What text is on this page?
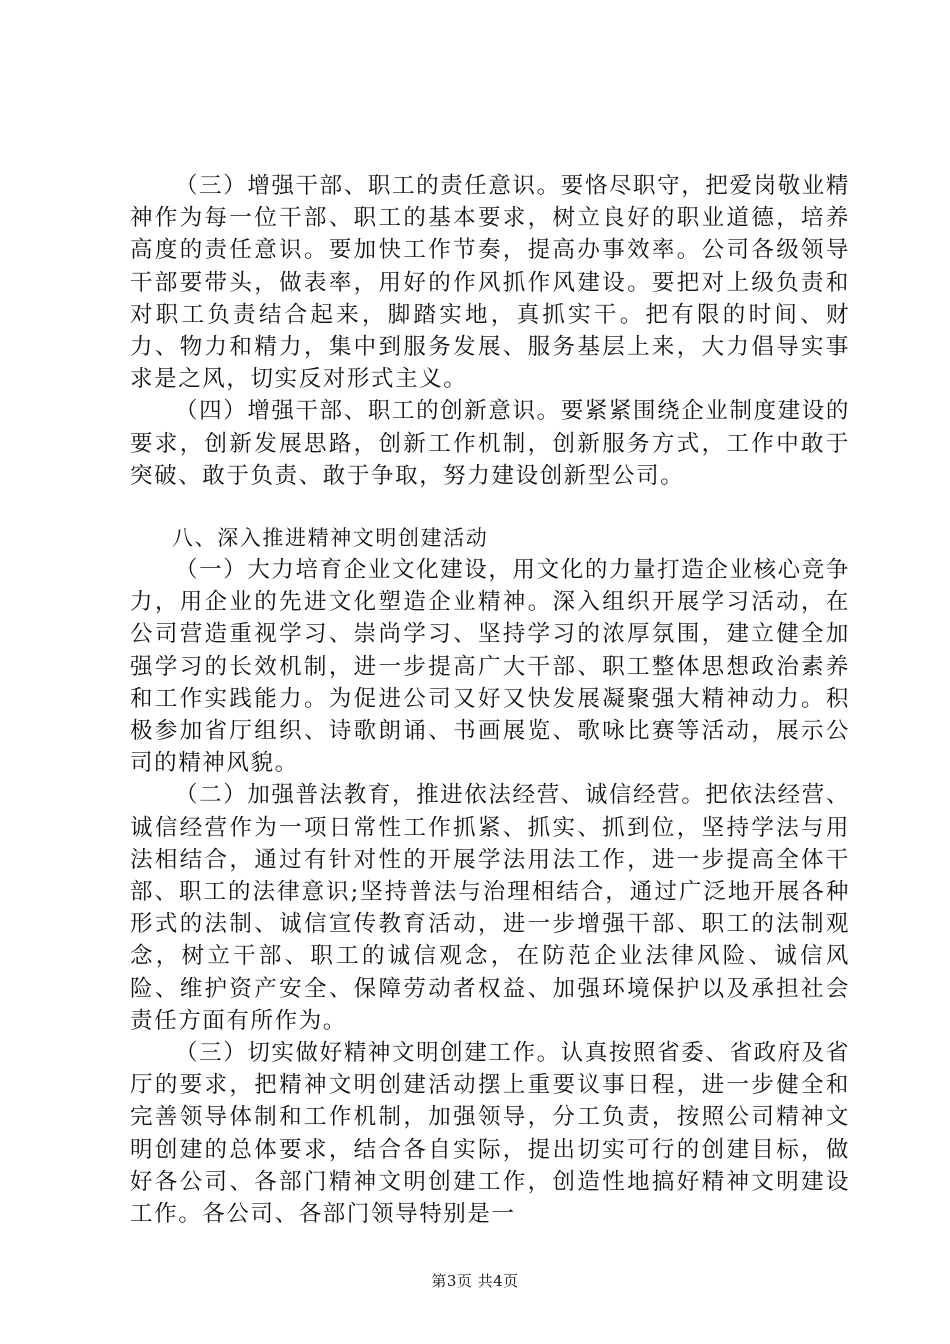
（三）增强干部、职工的责任意识。要恪尽职守，把爱岗敬业精神作为每一位干部、职工的基本要求，树立良好的职业道德，培养高度的责任意识。要加快工作节奏，提高办事效率。公司各级领导干部要带头，做表率，用好的作风抓作风建设。要把对上级负责和对职工负责结合起来，脚踏实地，真抓实干。把有限的时间、财力、物力和精力，集中到服务发展、服务基层上来，大力倡导实事求是之风，切实反对形式主义。

（四）增强干部、职工的创新意识。要紧紧围绕企业制度建设的要求，创新发展思路，创新工作机制，创新服务方式，工作中敢于突破、敢于负责、敢于争取，努力建设创新型公司。

八、深入推进精神文明创建活动

（一）大力培育企业文化建设，用文化的力量打造企业核心竞争力，用企业的先进文化塑造企业精神。深入组织开展学习活动，在公司营造重视学习、崇尚学习、坚持学习的浓厚氛围，建立健全加强学习的长效机制，进一步提高广大干部、职工整体思想政治素养和工作实践能力。为促进公司又好又快发展凝聚强大精神动力。积极参加省厅组织、诗歌朗诵、书画展览、歌咏比赛等活动，展示公司的精神风貌。

（二）加强普法教育，推进依法经营、诚信经营。把依法经营、诚信经营作为一项日常性工作抓紧、抓实、抓到位，坚持学法与用法相结合，通过有针对性的开展学法用法工作，进一步提高全体干部、职工的法律意识;坚持普法与治理相结合，通过广泛地开展各种形式的法制、诚信宣传教育活动，进一步增强干部、职工的法制观念，树立干部、职工的诚信观念，在防范企业法律风险、诚信风险、维护资产安全、保障劳动者权益、加强环境保护以及承担社会责任方面有所作为。

（三）切实做好精神文明创建工作。认真按照省委、省政府及省厅的要求，把精神文明创建活动摆上重要议事日程，进一步健全和完善领导体制和工作机制，加强领导，分工负责，按照公司精神文明创建的总体要求，结合各自实际，提出切实可行的创建目标，做好各公司、各部门精神文明创建工作，创造性地搞好精神文明建设工作。各公司、各部门领导特别是一

第3页 共4页
